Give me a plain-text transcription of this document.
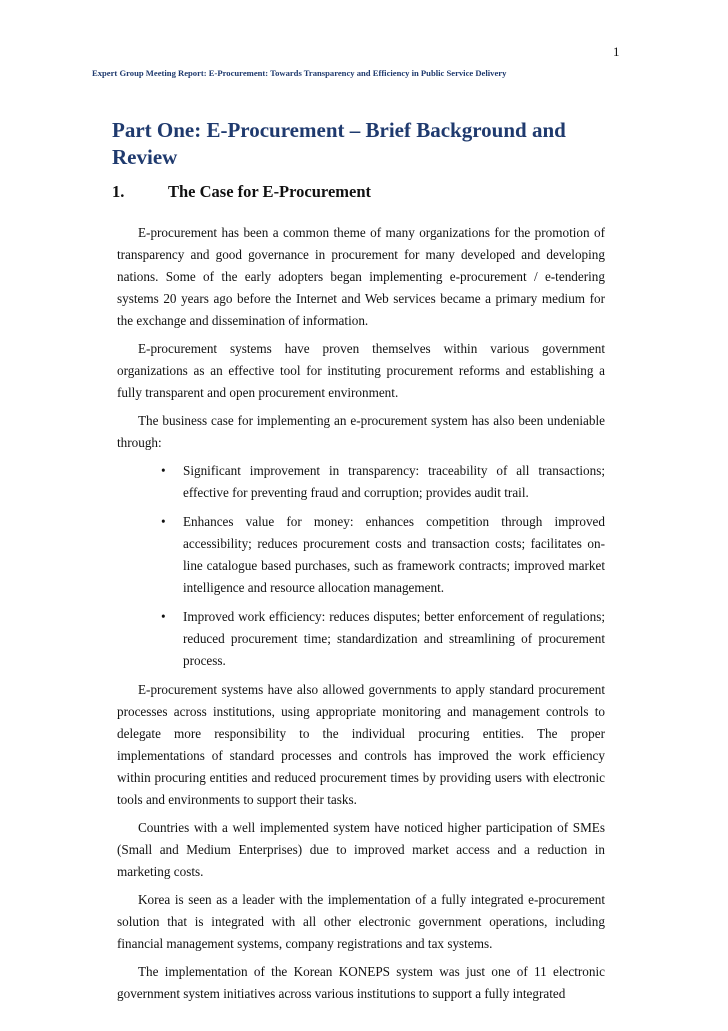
1
Expert Group Meeting Report: E-Procurement: Towards Transparency and Efficiency in Public Service Delivery
Part One: E-Procurement – Brief Background and Review
1.	The Case for E-Procurement

E-procurement has been a common theme of many organizations for the promotion of transparency and good governance in procurement for many developed and developing nations. Some of the early adopters began implementing e-procurement / e-tendering systems 20 years ago before the Internet and Web services became a primary medium for the exchange and dissemination of information.

E-procurement systems have proven themselves within various government organizations as an effective tool for instituting procurement reforms and establishing a fully transparent and open procurement environment.

The business case for implementing an e-procurement system has also been undeniable through:

• Significant improvement in transparency: traceability of all transactions; effective for preventing fraud and corruption; provides audit trail.
• Enhances value for money: enhances competition through improved accessibility; reduces procurement costs and transaction costs; facilitates on-line catalogue based purchases, such as framework contracts; improved market intelligence and resource allocation management.
• Improved work efficiency: reduces disputes; better enforcement of regulations; reduced procurement time; standardization and streamlining of procurement process.

E-procurement systems have also allowed governments to apply standard procurement processes across institutions, using appropriate monitoring and management controls to delegate more responsibility to the individual procuring entities. The proper implementations of standard processes and controls has improved the work efficiency within procuring entities and reduced procurement times by providing users with electronic tools and environments to support their tasks.

Countries with a well implemented system have noticed higher participation of SMEs (Small and Medium Enterprises) due to improved market access and a reduction in marketing costs.

Korea is seen as a leader with the implementation of a fully integrated e-procurement solution that is integrated with all other electronic government operations, including financial management systems, company registrations and tax systems.

The implementation of the Korean KONEPS system was just one of 11 electronic government system initiatives across various institutions to support a fully integrated
